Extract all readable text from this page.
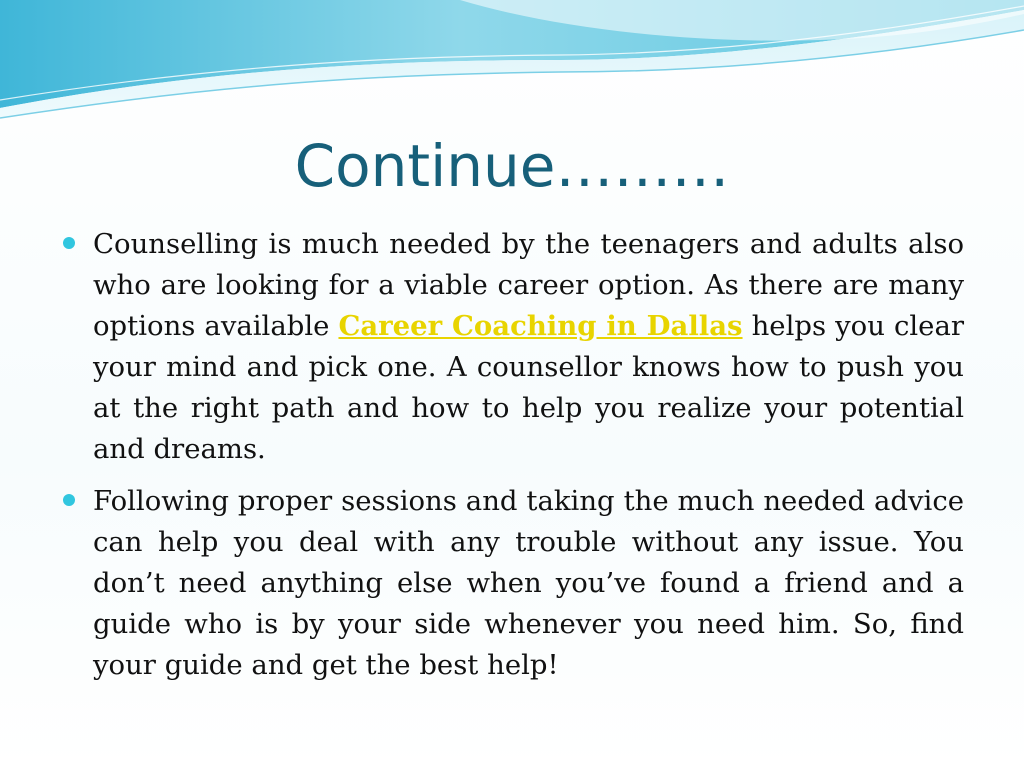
Continue………
Counselling is much needed by the teenagers and adults also who are looking for a viable career option. As there are many options available Career Coaching in Dallas helps you clear your mind and pick one. A counsellor knows how to push you at the right path and how to help you realize your potential and dreams.
Following proper sessions and taking the much needed advice can help you deal with any trouble without any issue. You don’t need anything else when you’ve found a friend and a guide who is by your side whenever you need him. So, find your guide and get the best help!
